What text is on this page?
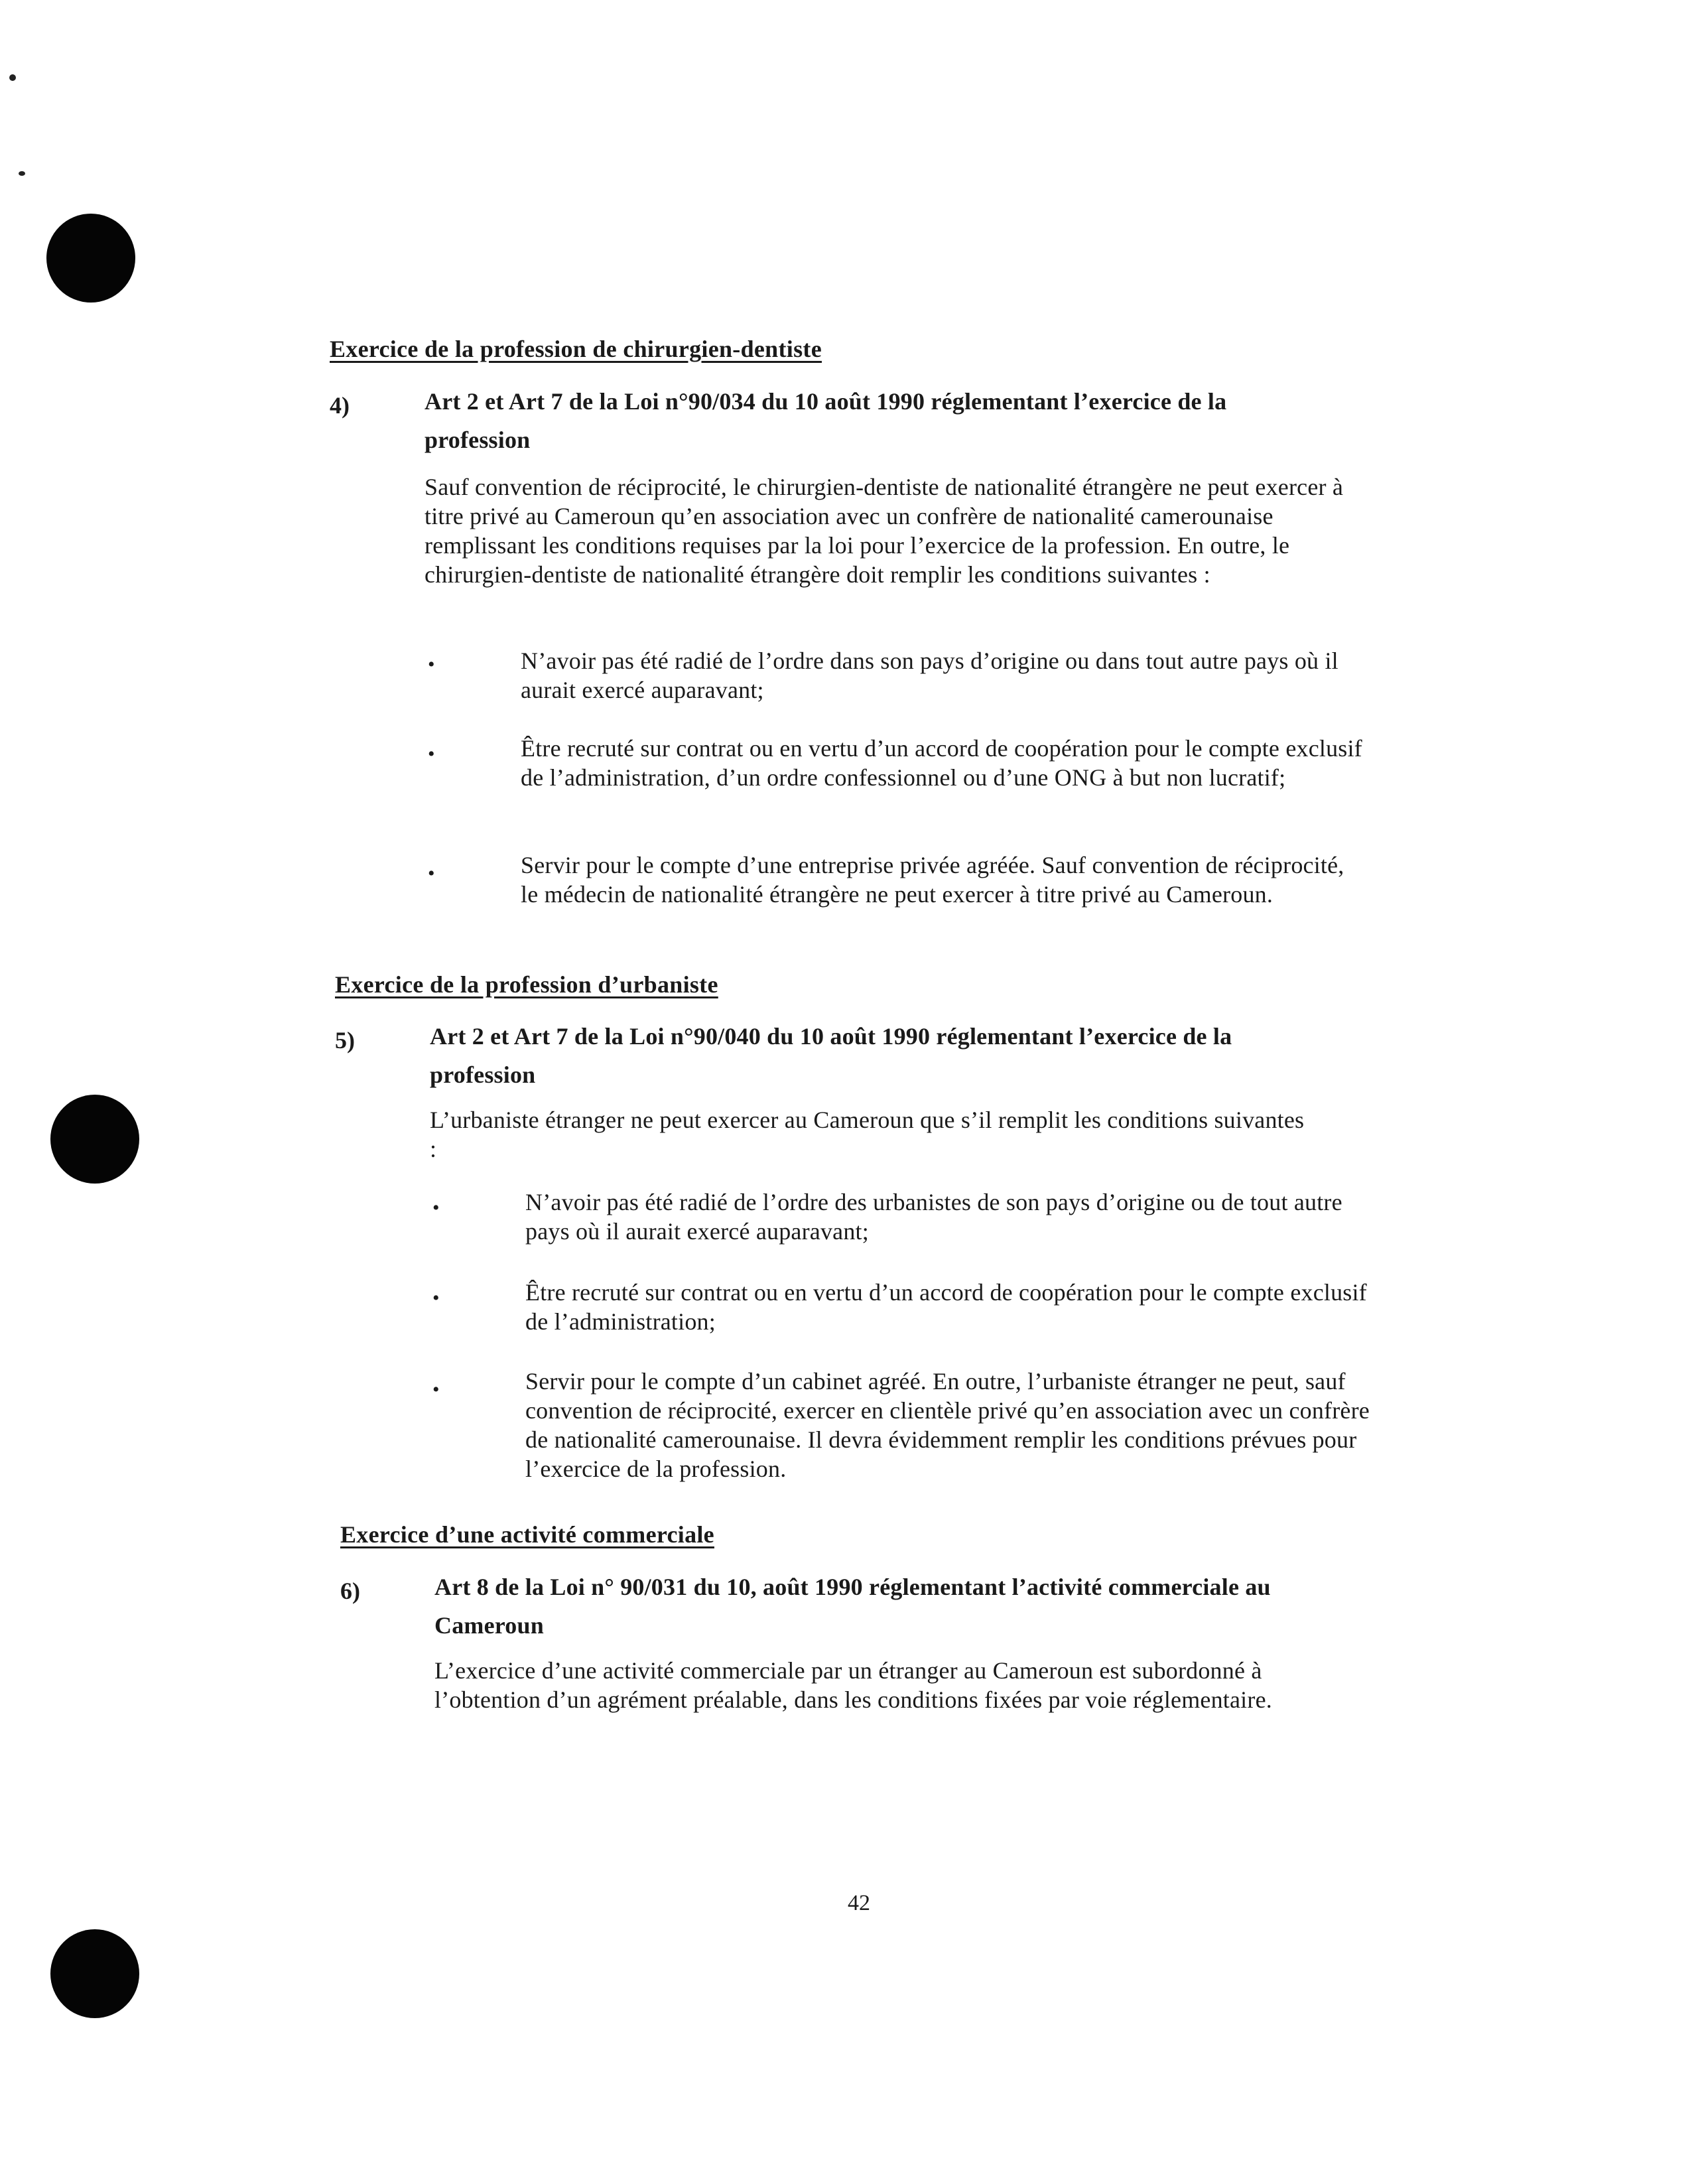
Exercice de la profession de chirurgien-dentiste
4)	Art 2 et Art 7 de la Loi n°90/034 du 10 août 1990 réglementant l’exercice de la profession
Sauf convention de réciprocité, le chirurgien-dentiste de nationalité étrangère ne peut exercer à titre privé au Cameroun qu’en association avec un confrère de nationalité camerounaise remplissant les conditions requises par la loi pour l’exercice de la profession. En outre, le chirurgien-dentiste de nationalité étrangère doit remplir les conditions suivantes :
•	N’avoir pas été radié de l’ordre dans son pays d’origine ou dans tout autre pays où il aurait exercé auparavant;
•	Être recruté sur contrat ou en vertu d’un accord de coopération pour le compte exclusif de l’administration, d’un ordre confessionnel ou d’une ONG à but non lucratif;
•	Servir pour le compte d’une entreprise privée agréée. Sauf convention de réciprocité, le médecin de nationalité étrangère ne peut exercer à titre privé au Cameroun.
Exercice de la profession d’urbaniste
5)	Art 2 et Art 7 de la Loi n°90/040 du 10 août 1990 réglementant l’exercice de la profession
L’urbaniste étranger ne peut exercer au Cameroun que s’il remplit les conditions suivantes :
•	N’avoir pas été radié de l’ordre des urbanistes de son pays d’origine ou de tout autre pays où il aurait exercé auparavant;
•	Être recruté sur contrat ou en vertu d’un accord de coopération pour le compte exclusif de l’administration;
•	Servir pour le compte d’un cabinet agréé. En outre, l’urbaniste étranger ne peut, sauf convention de réciprocité, exercer en clientèle privé qu’en association avec un confrère de nationalité camerounaise. Il devra évidemment remplir les conditions prévues pour l’exercice de la profession.
Exercice d’une activité commerciale
6)	Art 8 de la Loi n° 90/031 du 10, août 1990 réglementant l’activité commerciale au Cameroun
L’exercice d’une activité commerciale par un étranger au Cameroun est subordonné à l’obtention d’un agrément préalable, dans les conditions fixées par voie réglementaire.
42
